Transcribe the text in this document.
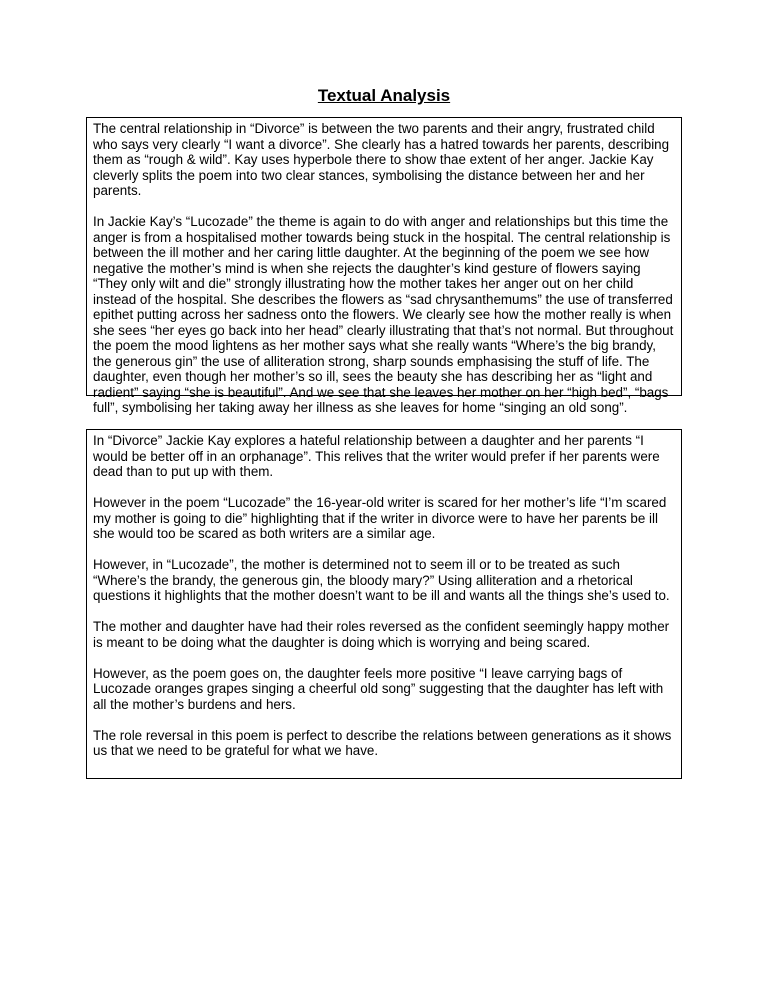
Textual Analysis

The central relationship in “Divorce” is between the two parents and their angry, frustrated child who says very clearly “I want a divorce”. She clearly has a hatred towards her parents, describing them as “rough & wild”. Kay uses hyperbole there to show thae extent of her anger. Jackie Kay cleverly splits the poem into two clear stances, symbolising the distance between her and her parents.

In Jackie Kay’s “Lucozade” the theme is again to do with anger and relationships but this time the anger is from a hospitalised mother towards being stuck in the hospital. The central relationship is between the ill mother and her caring little daughter. At the beginning of the poem we see how negative the mother’s mind is when she rejects the daughter’s kind gesture of flowers saying “They only wilt and die” strongly illustrating how the mother takes her anger out on her child instead of the hospital. She describes the flowers as “sad chrysanthemums” the use of transferred epithet putting across her sadness onto the flowers. We clearly see how the mother really is when she sees “her eyes go back into her head” clearly illustrating that that’s not normal. But throughout the poem the mood lightens as her mother says what she really wants “Where’s the big brandy, the generous gin” the use of alliteration strong, sharp sounds emphasising the stuff of life. The daughter, even though her mother’s so ill, sees the beauty she has describing her as “light and radient” saying “she is beautiful”. And we see that she leaves her mother on her “high bed”, “bags full”, symbolising her taking away her illness as she leaves for home “singing an old song”.

In “Divorce” Jackie Kay explores a hateful relationship between a daughter and her parents “I would be better off in an orphanage”. This relives that the writer would prefer if her parents were dead than to put up with them.

However in the poem “Lucozade” the 16-year-old writer is scared for her mother’s life “I’m scared my mother is going to die” highlighting that if the writer in divorce were to have her parents be ill she would too be scared as both writers are a similar age.

However, in “Lucozade”, the mother is determined not to seem ill or to be treated as such “Where’s the brandy, the generous gin, the bloody mary?” Using alliteration and a rhetorical questions it highlights that the mother doesn’t want to be ill and wants all the things she’s used to.

The mother and daughter have had their roles reversed as the confident seemingly happy mother is meant to be doing what the daughter is doing which is worrying and being scared.

However, as the poem goes on, the daughter feels more positive “I leave carrying bags of Lucozade oranges grapes singing a cheerful old song” suggesting that the daughter has left with all the mother’s burdens and hers.

The role reversal in this poem is perfect to describe the relations between generations as it shows us that we need to be grateful for what we have.
